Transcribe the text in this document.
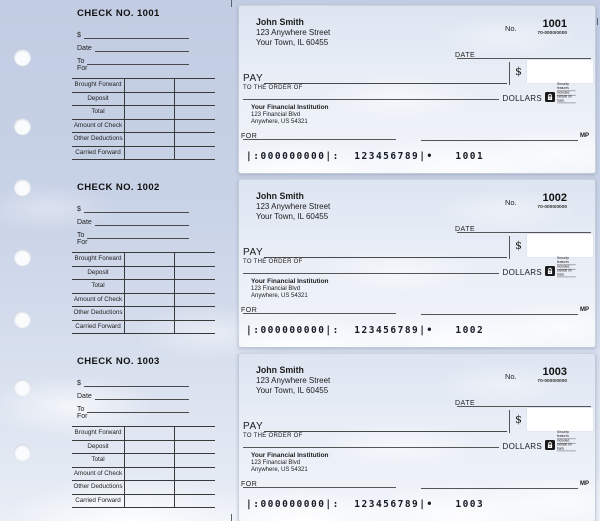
CHECK NO. 1001
$
Date
To
For
Brought Forward
Deposit
Total
Amount of Check
Other Deductions
Carried Forward
CHECK NO. 1002
$
Date
To
For
Brought Forward
Deposit
Total
Amount of Check
Other Deductions
Carried Forward
CHECK NO. 1003
$
Date
To
For
Brought Forward
Deposit
Total
Amount of Check
Other Deductions
Carried Forward
John Smith
123 Anywhere Street
Your Town, IL 60455
No. 1001
70-0000/0000
DATE
PAY
TO THE ORDER OF
$
DOLLARS
Security features
included.
Details on back.
Your Financial Institution
123 Financial Blvd
Anywhere, US 54321
FOR	MP
|:000000000|:  123456789|•   1001
John Smith
123 Anywhere Street
Your Town, IL 60455
No. 1002
70-0000/0000
DATE
PAY
TO THE ORDER OF
$
DOLLARS
Security features
included.
Details on back.
Your Financial Institution
123 Financial Blvd
Anywhere, US 54321
FOR	MP
|:000000000|:  123456789|•   1002
John Smith
123 Anywhere Street
Your Town, IL 60455
No. 1003
70-0000/0000
DATE
PAY
TO THE ORDER OF
$
DOLLARS
Security features
included.
Details on back.
Your Financial Institution
123 Financial Blvd
Anywhere, US 54321
FOR	MP
|:000000000|:  123456789|•   1003
